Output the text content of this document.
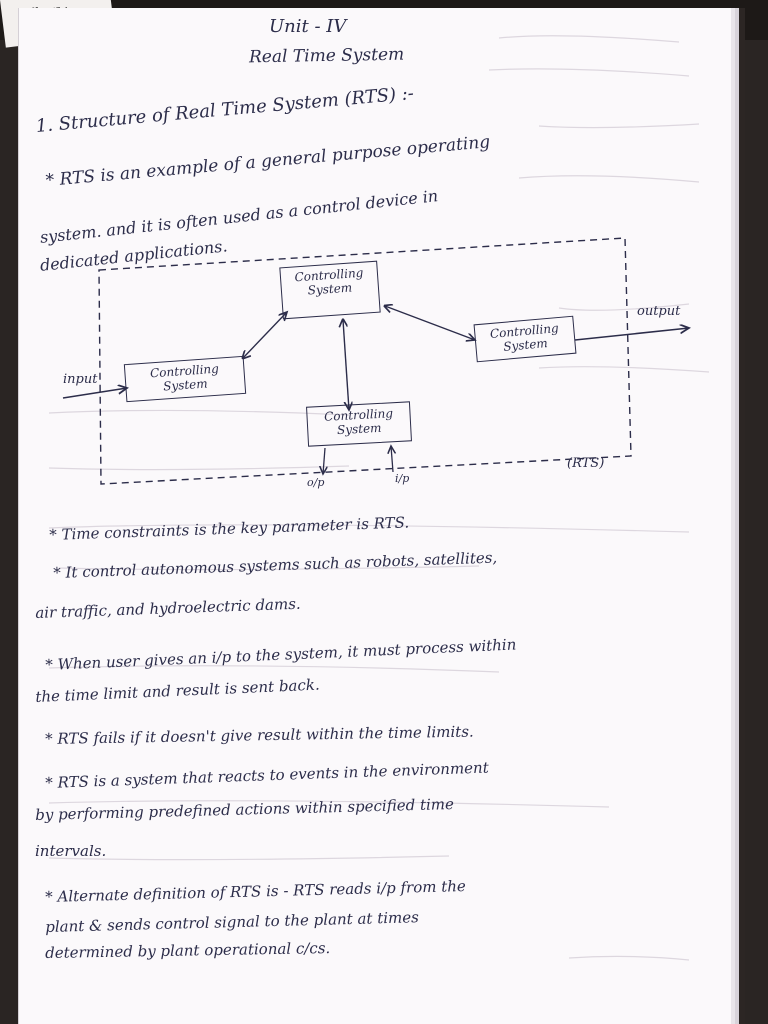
Unit - IV
Real Time System
1. Structure of Real Time System (RTS) :-
* RTS is an example of a general purpose operating
system. and it is often used as a control device in
dedicated applications.
Controlling System
Controlling System
Controlling System
Controlling System
input
output
o/p	i/p
(RTS)
* Time constraints is the key parameter is RTS.
* It control autonomous systems such as robots, satellites,
air traffic, and hydroelectric dams.
* When user gives an i/p to the system, it must process within
the time limit and result is sent back.
* RTS fails if it doesn't give result within the time limits.
* RTS is a system that reacts to events in the environment
by performing predefined actions within specified time
intervals.
* Alternate definition of RTS is - RTS reads i/p from the
plant & sends control signal to the plant at times
determined by plant operational c/cs.
